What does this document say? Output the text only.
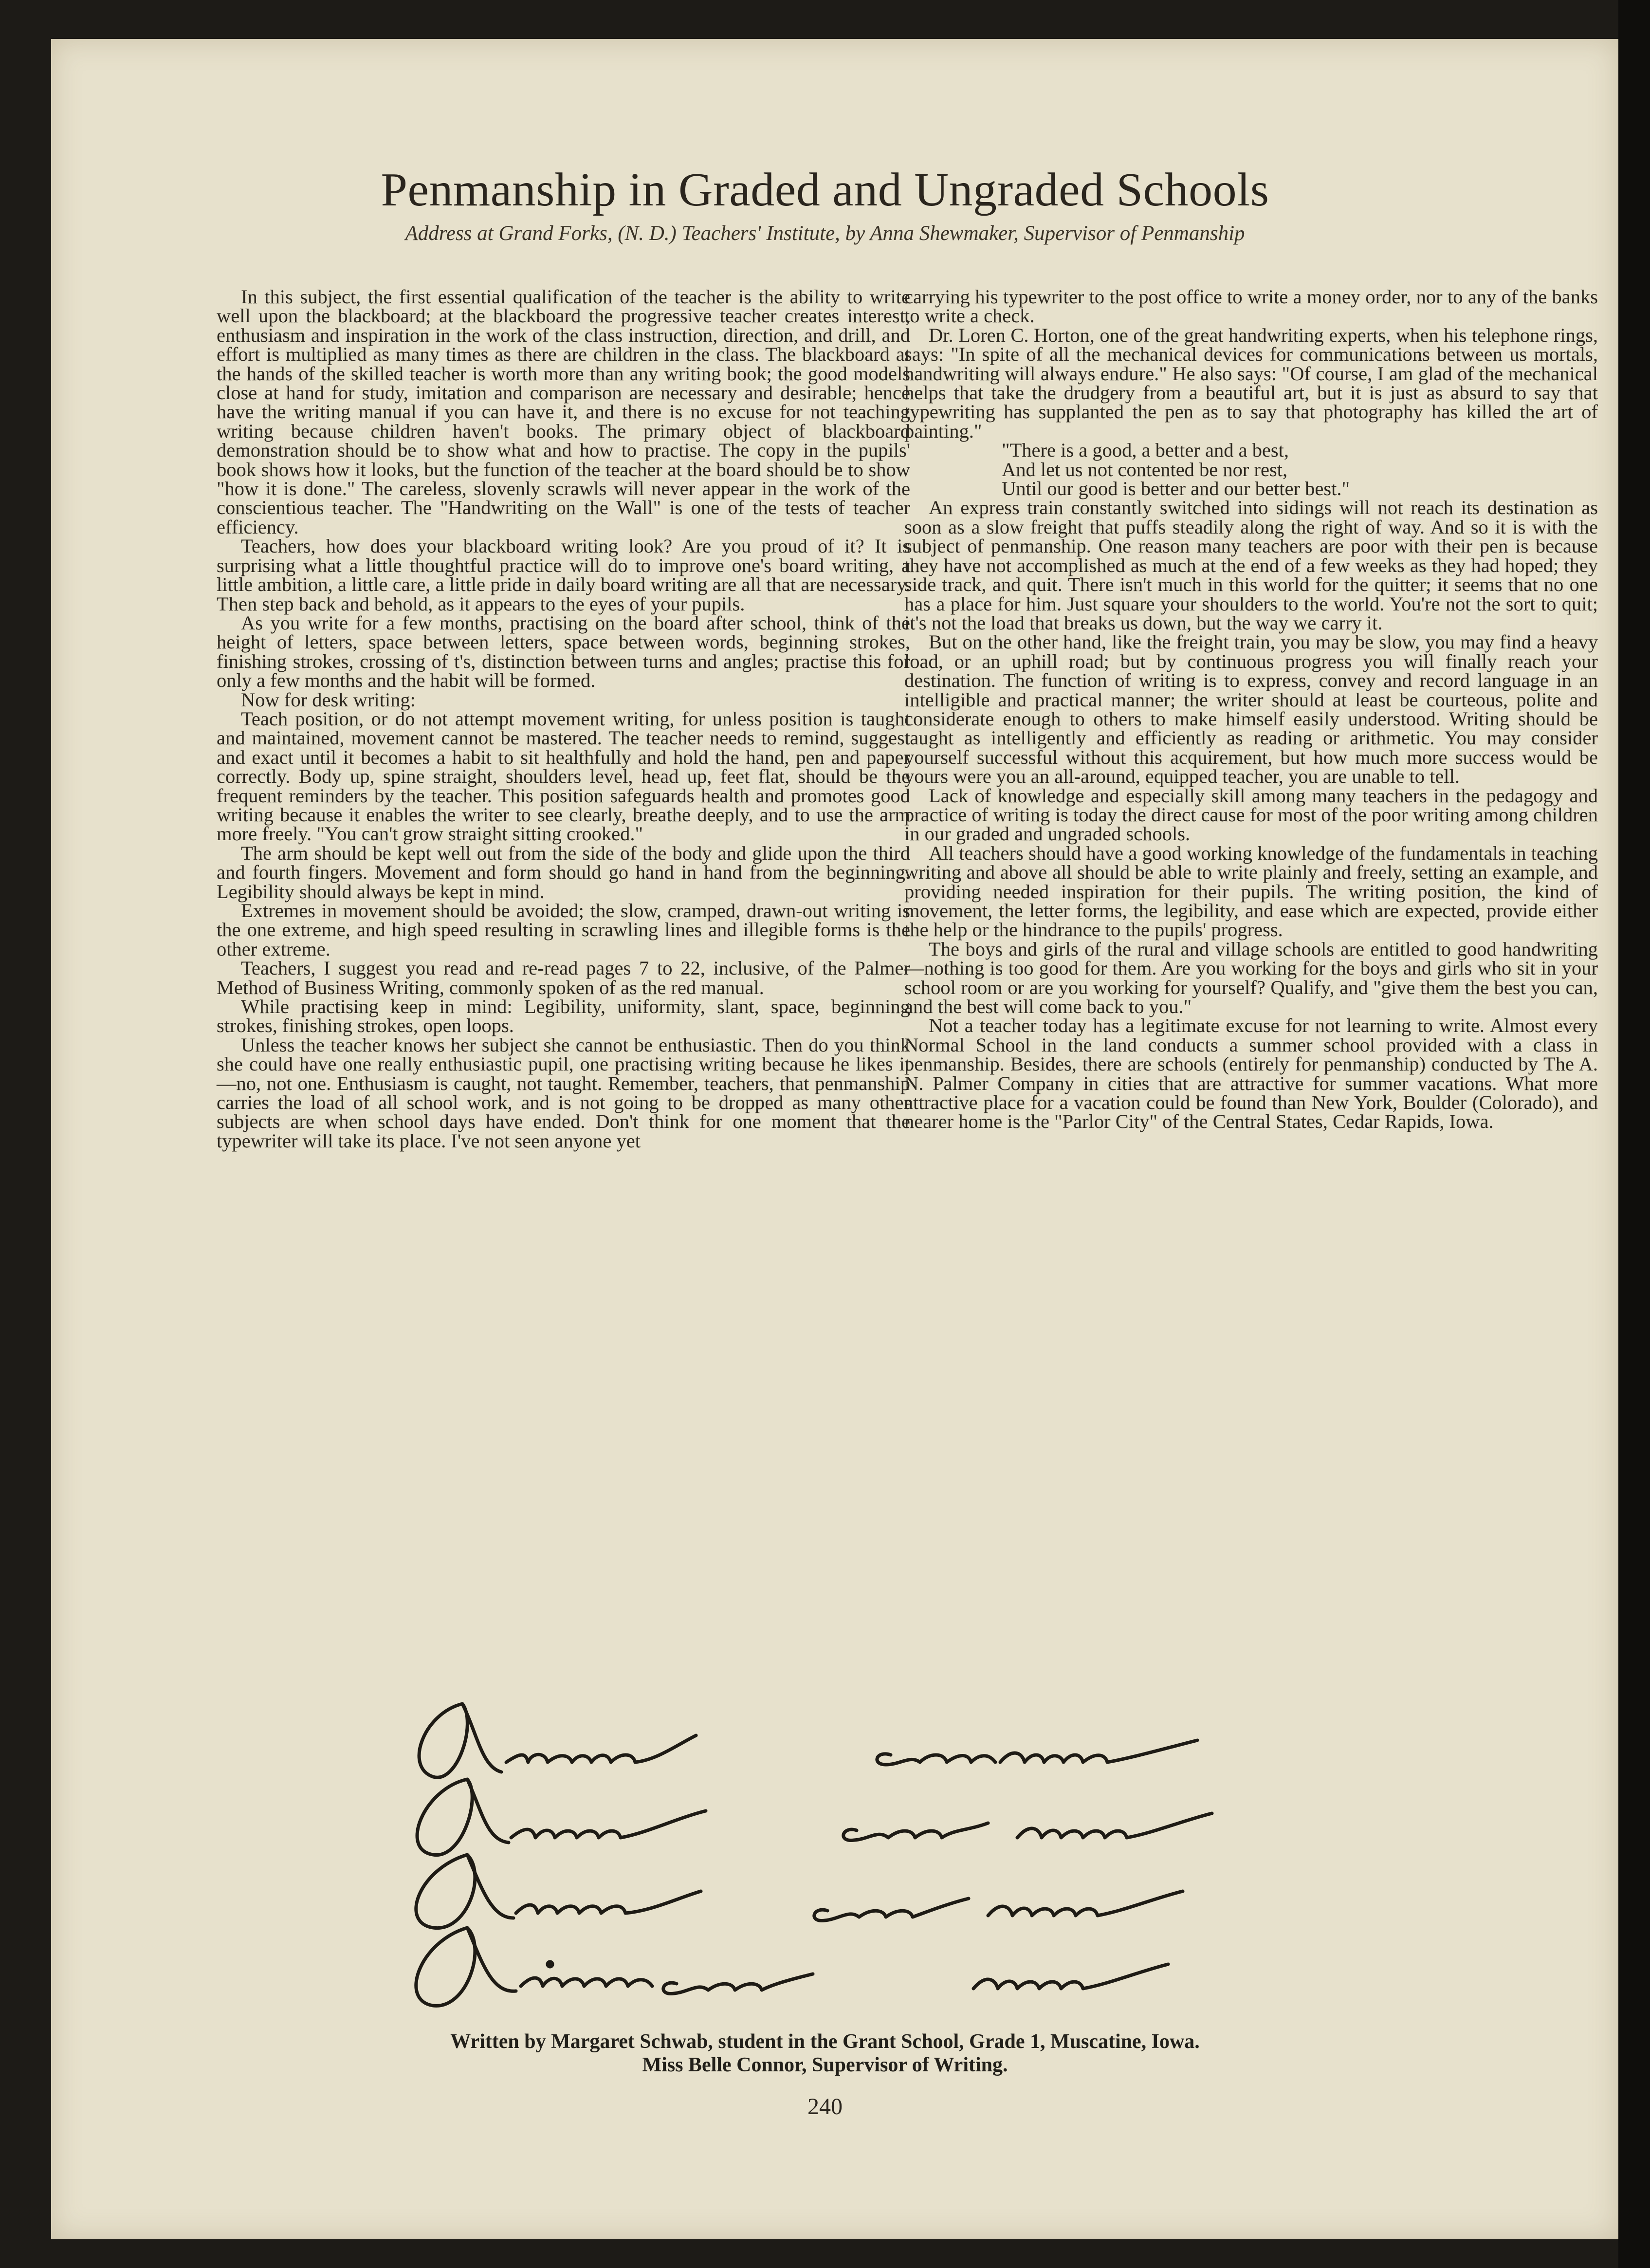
Penmanship in Graded and Ungraded Schools
Address at Grand Forks, (N. D.) Teachers' Institute, by Anna Shewmaker, Supervisor of Penmanship

In this subject, the first essential qualification of the teacher is the ability to write well upon the blackboard; at the blackboard the progressive teacher creates interest, enthusiasm and inspiration in the work of the class instruction, direction, and drill, and effort is multiplied as many times as there are children in the class. The blackboard at the hands of the skilled teacher is worth more than any writing book; the good models close at hand for study, imitation and comparison are necessary and desirable; hence have the writing manual if you can have it, and there is no excuse for not teaching writing because children haven't books. The primary object of blackboard demonstration should be to show what and how to practise. The copy in the pupils' book shows how it looks, but the function of the teacher at the board should be to show "how it is done." The careless, slovenly scrawls will never appear in the work of the conscientious teacher. The "Handwriting on the Wall" is one of the tests of teacher efficiency.

Teachers, how does your blackboard writing look? Are you proud of it? It is surprising what a little thoughtful practice will do to improve one's board writing, a little ambition, a little care, a little pride in daily board writing are all that are necessary. Then step back and behold, as it appears to the eyes of your pupils.

As you write for a few months, practising on the board after school, think of the height of letters, space between letters, space between words, beginning strokes, finishing strokes, crossing of t's, distinction between turns and angles; practise this for only a few months and the habit will be formed.

Now for desk writing:

Teach position, or do not attempt movement writing, for unless position is taught and maintained, movement cannot be mastered. The teacher needs to remind, suggest and exact until it becomes a habit to sit healthfully and hold the hand, pen and paper correctly. Body up, spine straight, shoulders level, head up, feet flat, should be the frequent reminders by the teacher. This position safeguards health and promotes good writing because it enables the writer to see clearly, breathe deeply, and to use the arm more freely. "You can't grow straight sitting crooked."

The arm should be kept well out from the side of the body and glide upon the third and fourth fingers. Movement and form should go hand in hand from the beginning. Legibility should always be kept in mind.

Extremes in movement should be avoided; the slow, cramped, drawn-out writing is the one extreme, and high speed resulting in scrawling lines and illegible forms is the other extreme.

Teachers, I suggest you read and re-read pages 7 to 22, inclusive, of the Palmer Method of Business Writing, commonly spoken of as the red manual.

While practising keep in mind: Legibility, uniformity, slant, space, beginning strokes, finishing strokes, open loops.

Unless the teacher knows her subject she cannot be enthusiastic. Then do you think she could have one really enthusiastic pupil, one practising writing because he likes it—no, not one. Enthusiasm is caught, not taught. Remember, teachers, that penmanship carries the load of all school work, and is not going to be dropped as many other subjects are when school days have ended. Don't think for one moment that the typewriter will take its place. I've not seen anyone yet

carrying his typewriter to the post office to write a money order, nor to any of the banks to write a check.

Dr. Loren C. Horton, one of the great handwriting experts, when his telephone rings, says: "In spite of all the mechanical devices for communications between us mortals, handwriting will always endure." He also says: "Of course, I am glad of the mechanical helps that take the drudgery from a beautiful art, but it is just as absurd to say that typewriting has supplanted the pen as to say that photography has killed the art of painting."

"There is a good, a better and a best,
And let us not contented be nor rest,
Until our good is better and our better best."

An express train constantly switched into sidings will not reach its destination as soon as a slow freight that puffs steadily along the right of way. And so it is with the subject of penmanship. One reason many teachers are poor with their pen is because they have not accomplished as much at the end of a few weeks as they had hoped; they side track, and quit. There isn't much in this world for the quitter; it seems that no one has a place for him. Just square your shoulders to the world. You're not the sort to quit; it's not the load that breaks us down, but the way we carry it.

But on the other hand, like the freight train, you may be slow, you may find a heavy load, or an uphill road; but by continuous progress you will finally reach your destination. The function of writing is to express, convey and record language in an intelligible and practical manner; the writer should at least be courteous, polite and considerate enough to others to make himself easily understood. Writing should be taught as intelligently and efficiently as reading or arithmetic. You may consider yourself successful without this acquirement, but how much more success would be yours were you an all-around, equipped teacher, you are unable to tell.

Lack of knowledge and especially skill among many teachers in the pedagogy and practice of writing is today the direct cause for most of the poor writing among children in our graded and ungraded schools.

All teachers should have a good working knowledge of the fundamentals in teaching writing and above all should be able to write plainly and freely, setting an example, and providing needed inspiration for their pupils. The writing position, the kind of movement, the letter forms, the legibility, and ease which are expected, provide either the help or the hindrance to the pupils' progress.

The boys and girls of the rural and village schools are entitled to good handwriting—nothing is too good for them. Are you working for the boys and girls who sit in your school room or are you working for yourself? Qualify, and "give them the best you can, and the best will come back to you."

Not a teacher today has a legitimate excuse for not learning to write. Almost every Normal School in the land conducts a summer school provided with a class in penmanship. Besides, there are schools (entirely for penmanship) conducted by The A. N. Palmer Company in cities that are attractive for summer vacations. What more attractive place for a vacation could be found than New York, Boulder (Colorado), and nearer home is the "Parlor City" of the Central States, Cedar Rapids, Iowa.

Written by Margaret Schwab, student in the Grant School, Grade 1, Muscatine, Iowa.
Miss Belle Connor, Supervisor of Writing.
240
